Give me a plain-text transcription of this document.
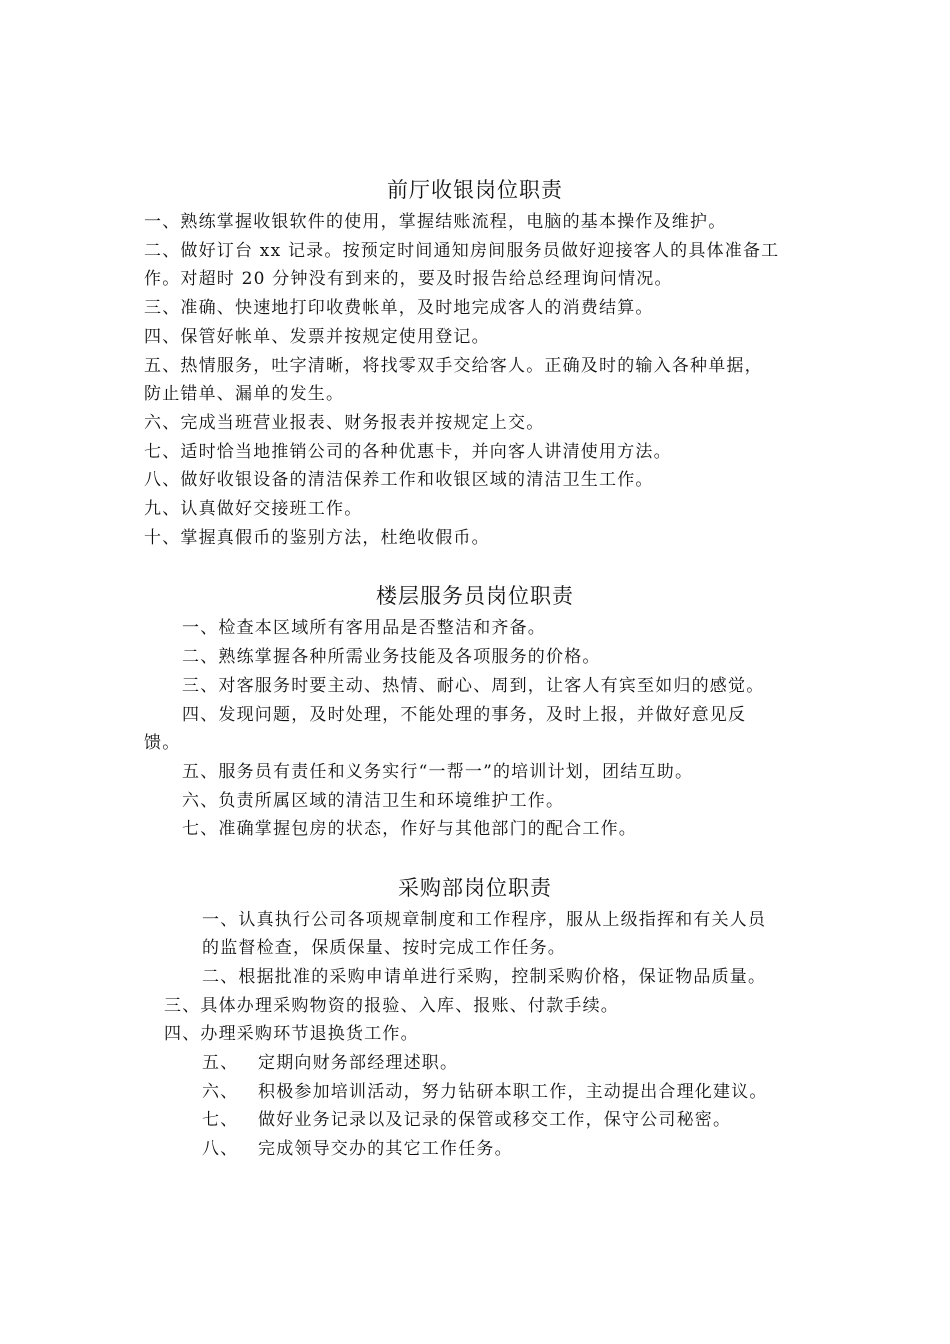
前厅收银岗位职责
一、熟练掌握收银软件的使用，掌握结账流程，电脑的基本操作及维护。
二、做好订台 xx 记录。按预定时间通知房间服务员做好迎接客人的具体准备工
作。对超时 20 分钟没有到来的，要及时报告给总经理询问情况。
三、准确、快速地打印收费帐单，及时地完成客人的消费结算。
四、保管好帐单、发票并按规定使用登记。
五、热情服务，吐字清晰，将找零双手交给客人。正确及时的输入各种单据，
防止错单、漏单的发生。
六、完成当班营业报表、财务报表并按规定上交。
七、适时恰当地推销公司的各种优惠卡，并向客人讲清使用方法。
八、做好收银设备的清洁保养工作和收银区域的清洁卫生工作。
九、认真做好交接班工作。
十、掌握真假币的鉴别方法，杜绝收假币。
楼层服务员岗位职责
一、检查本区域所有客用品是否整洁和齐备。
二、熟练掌握各种所需业务技能及各项服务的价格。
三、对客服务时要主动、热情、耐心、周到，让客人有宾至如归的感觉。
四、发现问题，及时处理，不能处理的事务，及时上报，并做好意见反
馈。
五、服务员有责任和义务实行“一帮一”的培训计划，团结互助。
六、负责所属区域的清洁卫生和环境维护工作。
七、准确掌握包房的状态，作好与其他部门的配合工作。
采购部岗位职责
一、认真执行公司各项规章制度和工作程序，服从上级指挥和有关人员
的监督检查，保质保量、按时完成工作任务。
二、根据批准的采购申请单进行采购，控制采购价格，保证物品质量。
三、具体办理采购物资的报验、入库、报账、付款手续。
四、办理采购环节退换货工作。
五、 定期向财务部经理述职。
六、 积极参加培训活动，努力钻研本职工作，主动提出合理化建议。
七、 做好业务记录以及记录的保管或移交工作，保守公司秘密。
八、 完成领导交办的其它工作任务。
